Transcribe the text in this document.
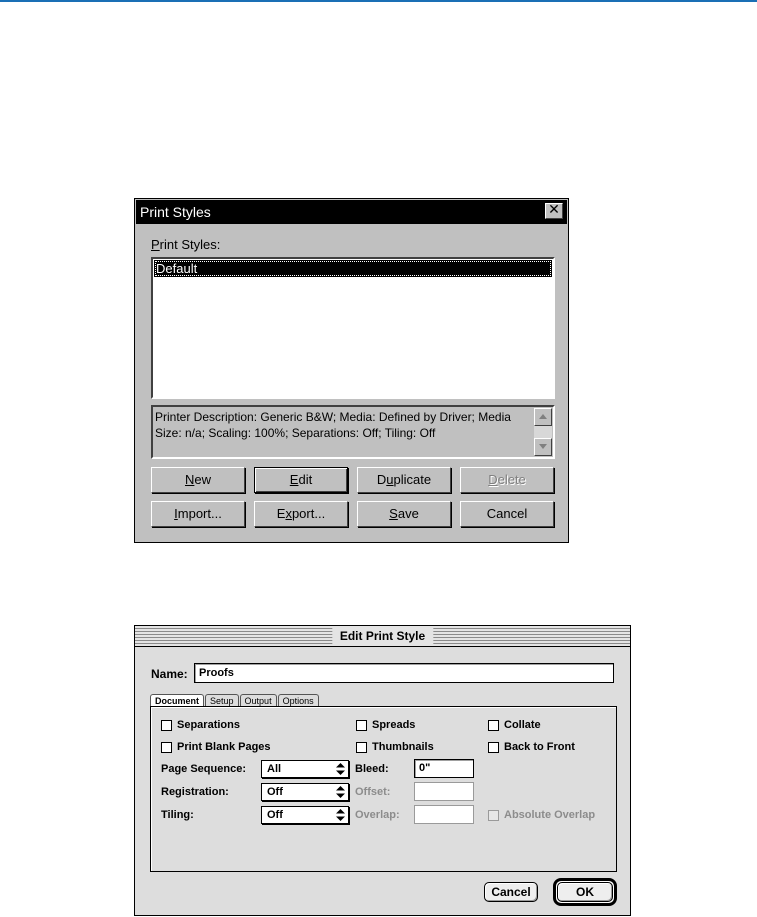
Print Styles	✕
Print Styles:
Default
Printer Description: Generic B&W; Media: Defined by Driver; Media Size: n/a; Scaling: 100%; Separations: Off; Tiling: Off
New	Edit	Duplicate	Delete
Import...	Export...	Save	Cancel
Edit Print Style
Name:	Proofs
Document	Setup	Output	Options
Separations	Spreads	Collate
Print Blank Pages	Thumbnails	Back to Front
Page Sequence:	All	Bleed:	0"
Registration:	Off	Offset:
Tiling:	Off	Overlap:	Absolute Overlap
Cancel	OK
